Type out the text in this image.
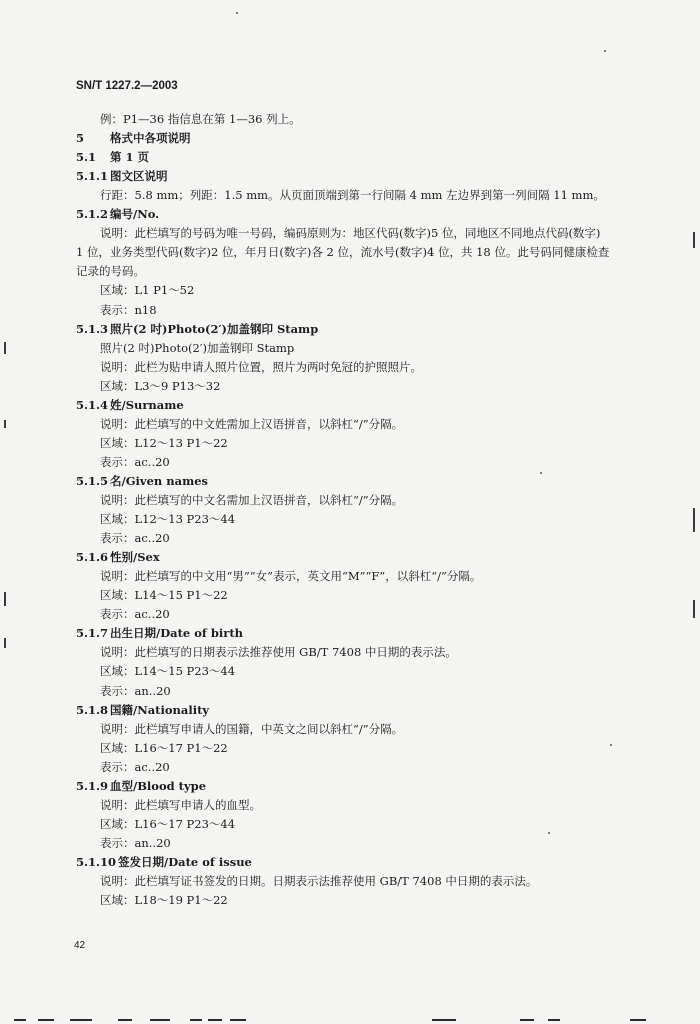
SN/T 1227.2—2003
例：P1—36 指信息在第 1—36 列上。
5 格式中各项说明
5.1 第 1 页
5.1.1 图文区说明
行距：5.8 mm；列距：1.5 mm。从页面顶端到第一行间隔 4 mm 左边界到第一列间隔 11 mm。
5.1.2 编号/No.
说明：此栏填写的号码为唯一号码，编码原则为：地区代码(数字)5 位，同地区不同地点代码(数字)
1 位，业务类型代码(数字)2 位，年月日(数字)各 2 位，流水号(数字)4 位，共 18 位。此号码同健康检查
记录的号码。
区域：L1 P1～52
表示：n18
5.1.3 照片(2 吋)Photo(2′)加盖钢印 Stamp
照片(2 吋)Photo(2′)加盖钢印 Stamp
说明：此栏为贴申请人照片位置，照片为两吋免冠的护照照片。
区域：L3～9 P13～32
5.1.4 姓/Surname
说明：此栏填写的中文姓需加上汉语拼音，以斜杠“/”分隔。
区域：L12～13 P1～22
表示：ac..20
5.1.5 名/Given names
说明：此栏填写的中文名需加上汉语拼音，以斜杠“/”分隔。
区域：L12～13 P23～44
表示：ac..20
5.1.6 性别/Sex
说明：此栏填写的中文用“男”“女”表示，英文用“M”“F”，以斜杠“/”分隔。
区域：L14～15 P1～22
表示：ac..20
5.1.7 出生日期/Date of birth
说明：此栏填写的日期表示法推荐使用 GB/T 7408 中日期的表示法。
区域：L14～15 P23～44
表示：an..20
5.1.8 国籍/Nationality
说明：此栏填写申请人的国籍，中英文之间以斜杠“/”分隔。
区域：L16～17 P1～22
表示：ac..20
5.1.9 血型/Blood type
说明：此栏填写申请人的血型。
区域：L16～17 P23～44
表示：an..20
5.1.10 签发日期/Date of issue
说明：此栏填写证书签发的日期。日期表示法推荐使用 GB/T 7408 中日期的表示法。
区域：L18～19 P1～22
42
